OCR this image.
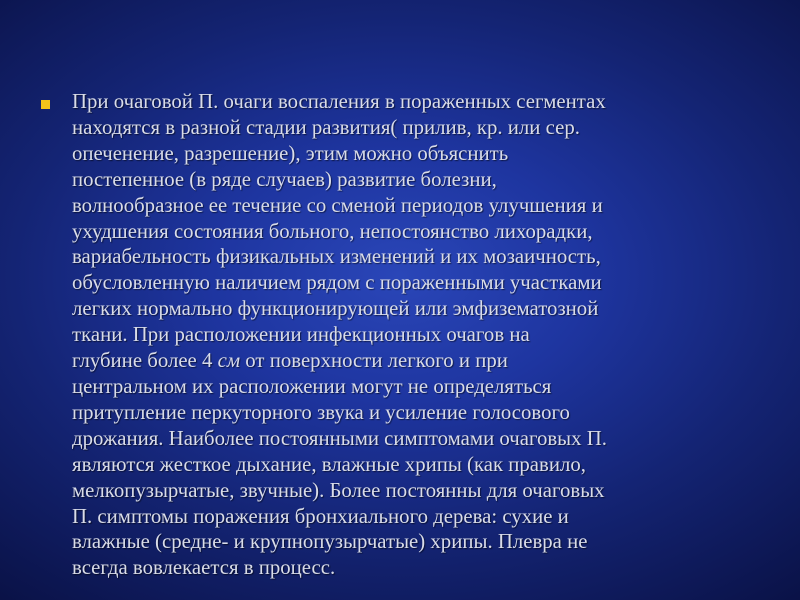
При очаговой П. очаги воспаления в пораженных сегментах
находятся в разной стадии развития( прилив, кр. или сер.
опеченение, разрешение), этим можно объяснить
постепенное (в ряде случаев) развитие болезни,
волнообразное ее течение со сменой периодов улучшения и
ухудшения состояния больного, непостоянство лихорадки,
вариабельность физикальных изменений и их мозаичность,
обусловленную наличием рядом с пораженными участками
легких нормально функционирующей или эмфизематозной
ткани. При расположении инфекционных очагов на
глубине более 4 см от поверхности легкого и при
центральном их расположении могут не определяться
притупление перкуторного звука и усиление голосового
дрожания. Наиболее постоянными симптомами очаговых П.
являются жесткое дыхание, влажные хрипы (как правило,
мелкопузырчатые, звучные). Более постоянны для очаговых
П. симптомы поражения бронхиального дерева: сухие и
влажные (средне- и крупнопузырчатые) хрипы. Плевра не
всегда вовлекается в процесс.
